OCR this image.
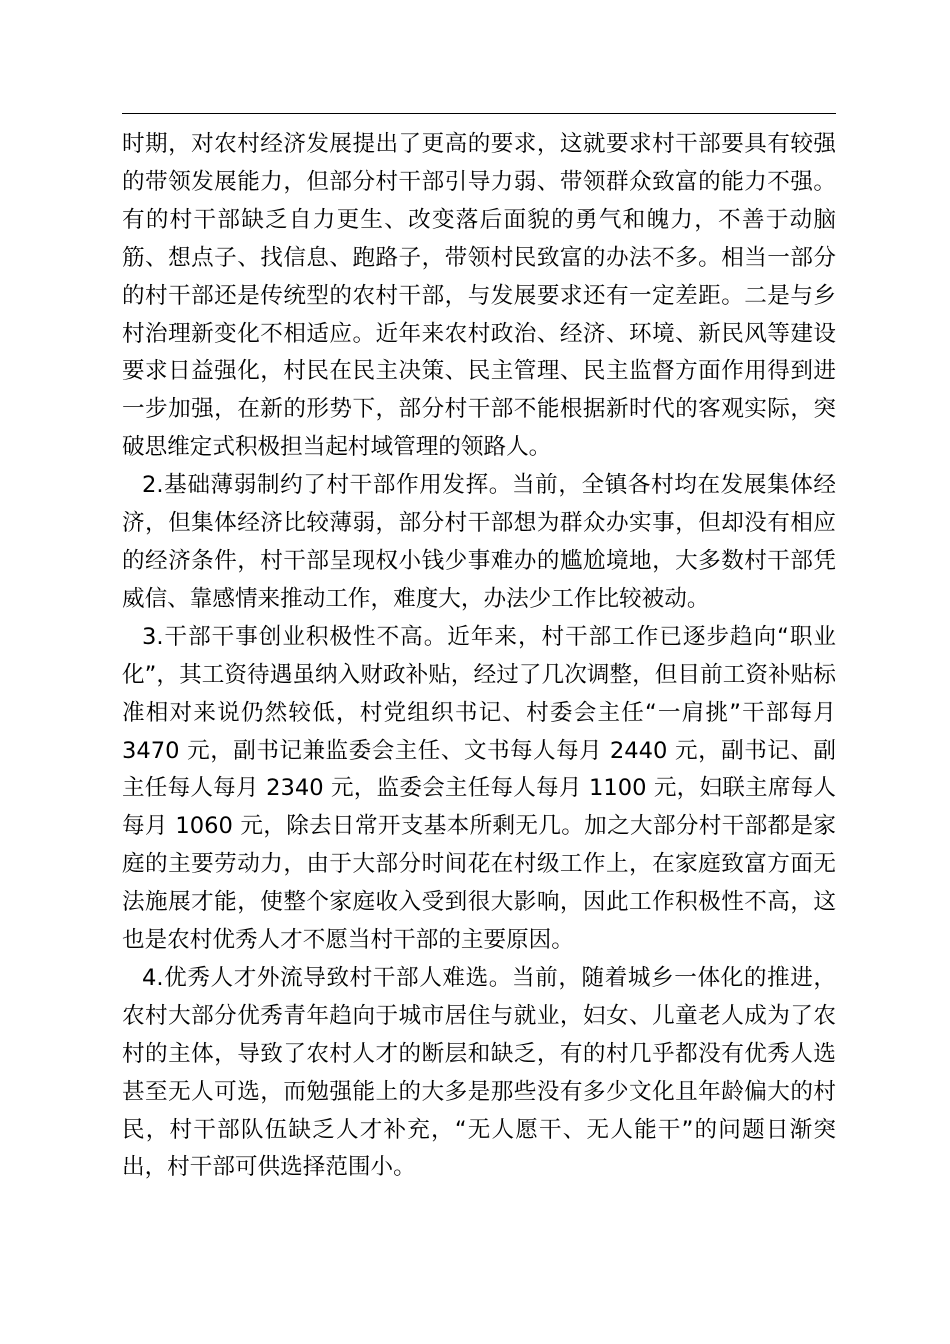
时期，对农村经济发展提出了更高的要求，这就要求村干部要具有较强的带领发展能力，但部分村干部引导力弱、带领群众致富的能力不强。有的村干部缺乏自力更生、改变落后面貌的勇气和魄力，不善于动脑筋、想点子、找信息、跑路子，带领村民致富的办法不多。相当一部分的村干部还是传统型的农村干部，与发展要求还有一定差距。二是与乡村治理新变化不相适应。近年来农村政治、经济、环境、新民风等建设要求日益强化，村民在民主决策、民主管理、民主监督方面作用得到进一步加强，在新的形势下，部分村干部不能根据新时代的客观实际，突破思维定式积极担当起村域管理的领路人。

2.基础薄弱制约了村干部作用发挥。当前，全镇各村均在发展集体经济，但集体经济比较薄弱，部分村干部想为群众办实事，但却没有相应的经济条件，村干部呈现权小钱少事难办的尴尬境地，大多数村干部凭威信、靠感情来推动工作，难度大，办法少工作比较被动。

3.干部干事创业积极性不高。近年来，村干部工作已逐步趋向“职业化”，其工资待遇虽纳入财政补贴，经过了几次调整，但目前工资补贴标准相对来说仍然较低，村党组织书记、村委会主任“一肩挑”干部每月 3470 元，副书记兼监委会主任、文书每人每月 2440 元，副书记、副主任每人每月 2340 元，监委会主任每人每月 1100 元，妇联主席每人每月 1060 元，除去日常开支基本所剩无几。加之大部分村干部都是家庭的主要劳动力，由于大部分时间花在村级工作上，在家庭致富方面无法施展才能，使整个家庭收入受到很大影响，因此工作积极性不高，这也是农村优秀人才不愿当村干部的主要原因。

4.优秀人才外流导致村干部人难选。当前，随着城乡一体化的推进，农村大部分优秀青年趋向于城市居住与就业，妇女、儿童老人成为了农村的主体，导致了农村人才的断层和缺乏，有的村几乎都没有优秀人选甚至无人可选，而勉强能上的大多是那些没有多少文化且年龄偏大的村民，村干部队伍缺乏人才补充，“无人愿干、无人能干”的问题日渐突出，村干部可供选择范围小。
